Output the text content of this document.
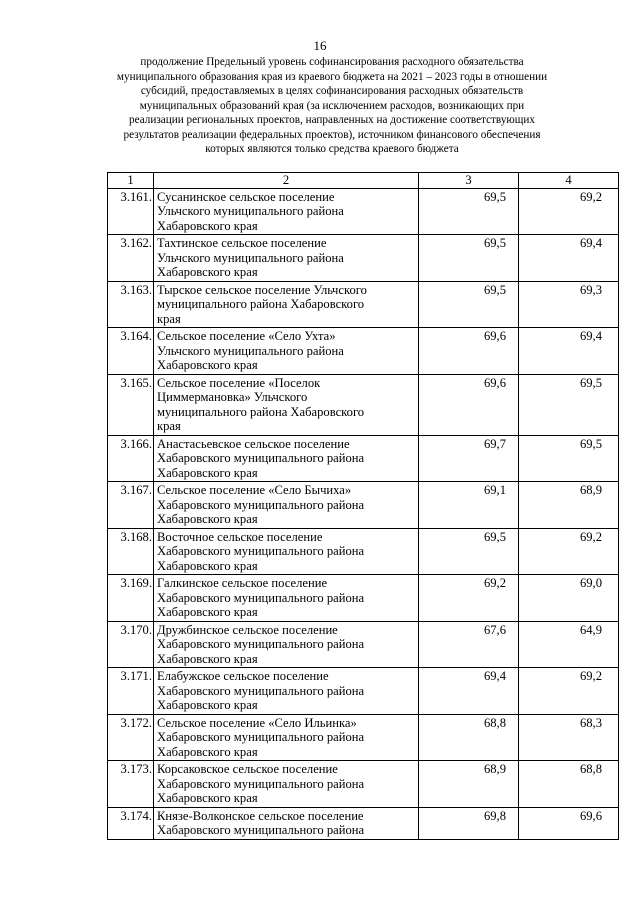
16
продолжение Предельный уровень софинансирования расходного обязательства
муниципального образования края из краевого бюджета на 2021 – 2023 годы в отношении
субсидий, предоставляемых в целях софинансирования расходных обязательств
муниципальных образований края (за исключением расходов, возникающих при
реализации региональных проектов, направленных на достижение соответствующих
результатов реализации федеральных проектов), источником финансового обеспечения
которых являются только средства краевого бюджета
1	2	3	4
3.161.	Сусанинское сельское поселение
Ульчского муниципального района
Хабаровского края	69,5	69,2
3.162.	Тахтинское сельское поселение
Ульчского муниципального района
Хабаровского края	69,5	69,4
3.163.	Тырское сельское поселение Ульчского
муниципального района Хабаровского
края	69,5	69,3
3.164.	Сельское поселение «Село Ухта»
Ульчского муниципального района
Хабаровского края	69,6	69,4
3.165.	Сельское поселение «Поселок
Циммермановка» Ульчского
муниципального района Хабаровского
края	69,6	69,5
3.166.	Анастасьевское сельское поселение
Хабаровского муниципального района
Хабаровского края	69,7	69,5
3.167.	Сельское поселение «Село Бычиха»
Хабаровского муниципального района
Хабаровского края	69,1	68,9
3.168.	Восточное сельское поселение
Хабаровского муниципального района
Хабаровского края	69,5	69,2
3.169.	Галкинское сельское поселение
Хабаровского муниципального района
Хабаровского края	69,2	69,0
3.170.	Дружбинское сельское поселение
Хабаровского муниципального района
Хабаровского края	67,6	64,9
3.171.	Елабужское сельское поселение
Хабаровского муниципального района
Хабаровского края	69,4	69,2
3.172.	Сельское поселение «Село Ильинка»
Хабаровского муниципального района
Хабаровского края	68,8	68,3
3.173.	Корсаковское сельское поселение
Хабаровского муниципального района
Хабаровского края	68,9	68,8
3.174.	Князе-Волконское сельское поселение
Хабаровского муниципального района	69,8	69,6
